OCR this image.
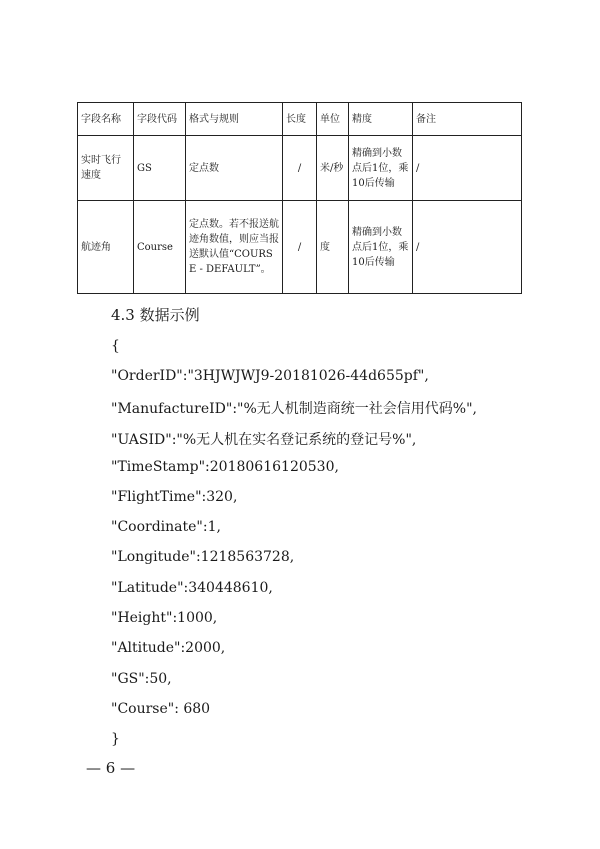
字段名称	字段代码	格式与规则	长度	单位	精度	备注
实时飞行速度	GS	定点数	/	米/秒	精确到小数点后1位，乘10后传输	/
航迹角	Course	定点数。若不报送航迹角数值，则应当报送默认值“COURSE - DEFAULT”。	/	度	精确到小数点后1位，乘10后传输	/
4.3 数据示例
{
"OrderID":"3HJWJWJ9-20181026-44d655pf",
"ManufactureID":"%无人机制造商统一社会信用代码%",
"UASID":"%无人机在实名登记系统的登记号%",
"TimeStamp":20180616120530,
"FlightTime":320,
"Coordinate":1,
"Longitude":1218563728,
"Latitude":340448610,
"Height":1000,
"Altitude":2000,
"GS":50,
"Course": 680
}
— 6 —
